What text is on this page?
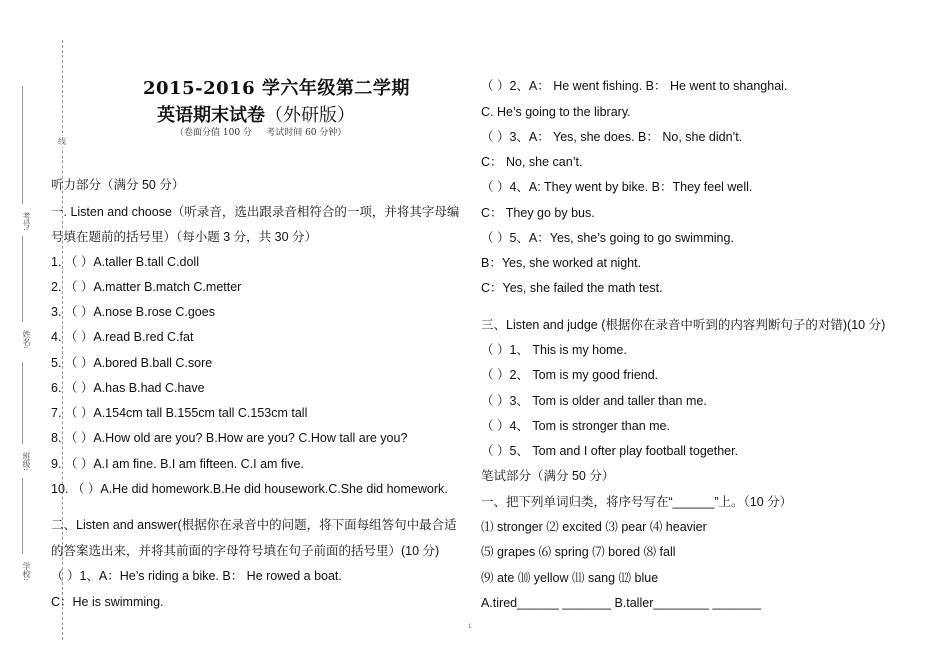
线
考号:
姓名:
班级:
学校:
2015-2016 学六年级第二学期
英语期末试卷（外研版）
（卷面分值 100 分     考试时间 60 分钟）
听力部分（满分 50 分）
一. Listen and choose（听录音，选出跟录音相符合的一项，并将其字母编
号填在题前的括号里）（每小题 3 分，共 30 分）
1. （ ）A.taller B.tall C.doll
2. （ ）A.matter B.match C.metter
3. （ ）A.nose B.rose C.goes
4. （ ）A.read B.red C.fat
5. （ ）A.bored B.ball C.sore
6. （ ）A.has B.had C.have
7. （ ）A.154cm tall B.155cm tall C.153cm tall
8. （ ）A.How old are you? B.How are you? C.How tall are you?
9. （ ）A.I am fine. B.I am fifteen. C.I am five.
10. （ ）A.He did homework.B.He did housework.C.She did homework.
二、Listen and answer(根据你在录音中的问题，将下面每组答句中最合适
的答案选出来，并将其前面的字母符号填在句子前面的括号里）(10 分)
（ ）1、A：He’s riding a bike. B： He rowed a boat.
C：He is swimming.
（ ）2、A： He went fishing. B： He went to shanghai.
C. He’s going to the library.
（ ）3、A： Yes, she does. B： No, she didn’t.
C： No, she can’t.
（ ）4、A: They went by bike. B：They feel well.
C： They go by bus.
（ ）5、A：Yes, she’s going to go swimming.
B：Yes, she worked at night.
C：Yes, she failed the math test.
三、Listen and judge (根据你在录音中听到的内容判断句子的对错)(10 分)
（ ）1、 This is my home.
（ ）2、 Tom is my good friend.
（ ）3、 Tom is older and taller than me.
（ ）4、 Tom is stronger than me.
（ ）5、 Tom and I ofter play football together.
笔试部分（满分 50 分）
一、把下列单词归类，将序号写在“______”上。（10 分）
⑴ stronger ⑵ excited ⑶ pear ⑷ heavier
⑸ grapes ⑹ spring ⑺ bored ⑻ fall
⑼ ate ⑽ yellow ⑾ sang ⑿ blue
A.tired______ _______ B.taller________ _______
1
